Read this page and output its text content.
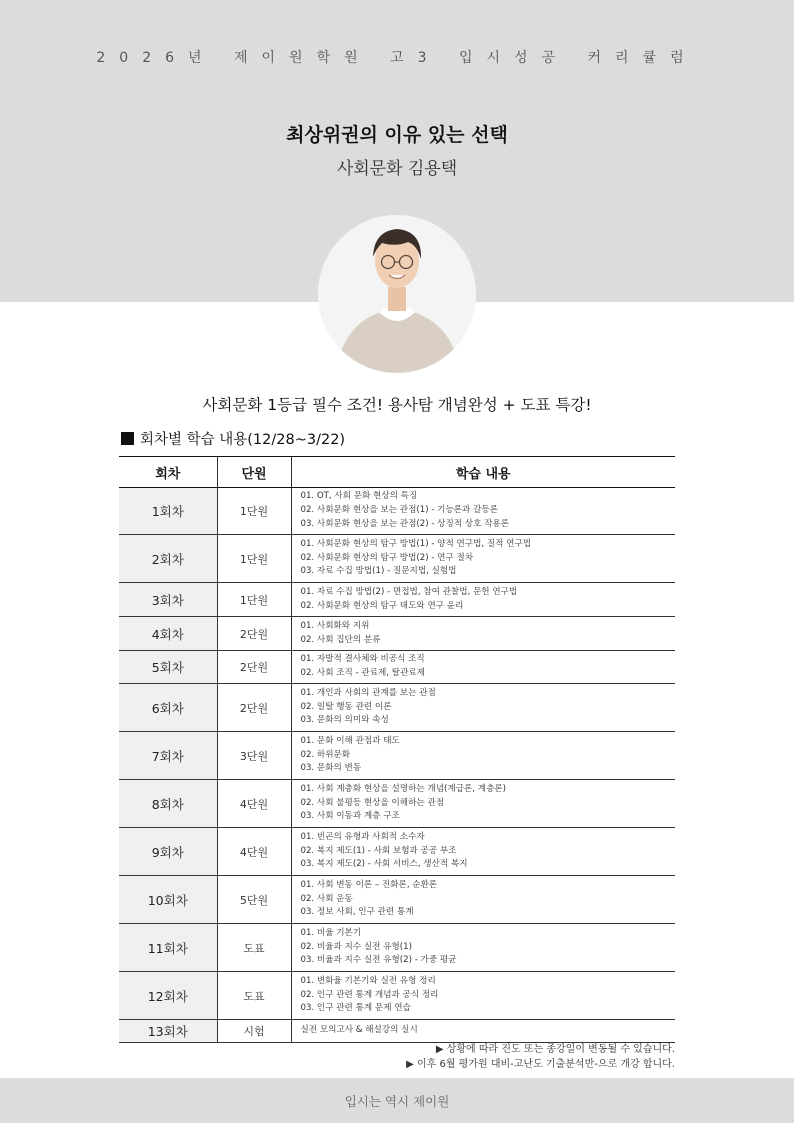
2026년 제이원학원 고3 입시성공 커리큘럼
최상위권의 이유 있는 선택
사회문화 김용택
사회문화 1등급 필수 조건! 용사탐 개념완성 + 도표 특강!
회차별 학습 내용(12/28~3/22)
회차	단원	학습 내용
1회차	1단원	01. OT, 사회 문화 현상의 특징
02. 사회문화 현상을 보는 관점(1) - 기능론과 갈등론
03. 사회문화 현상을 보는 관점(2) - 상징적 상호 작용론

2회차	1단원	01. 사회문화 현상의 탐구 방법(1) - 양적 연구법, 질적 연구법
02. 사회문화 현상의 탐구 방법(2) - 연구 절차
03. 자료 수집 방법(1) - 질문지법, 실험법

3회차	1단원	01. 자료 수집 방법(2) - 면접법, 참여 관찰법, 문헌 연구법
02. 사회문화 현상의 탐구 태도와 연구 윤리

4회차	2단원	01. 사회화와 지위
02. 사회 집단의 분류

5회차	2단원	01. 자발적 결사체와 비공식 조직
02. 사회 조직 - 관료제, 탈관료제

6회차	2단원	01. 개인과 사회의 관계를 보는 관점
02. 일탈 행동 관련 이론
03. 문화의 의미와 속성

7회차	3단원	01. 문화 이해 관점과 태도
02. 하위문화
03. 문화의 변동

8회차	4단원	01. 사회 계층화 현상을 설명하는 개념(계급론, 계층론)
02. 사회 불평등 현상을 이해하는 관점
03. 사회 이동과 계층 구조

9회차	4단원	01. 빈곤의 유형과 사회적 소수자
02. 복지 제도(1) - 사회 보험과 공공 부조
03. 복지 제도(2) - 사회 서비스, 생산적 복지

10회차	5단원	01. 사회 변동 이론 – 진화론, 순환론
02. 사회 운동
03. 정보 사회, 인구 관련 통계

11회차	도표	01. 비율 기본기
02. 비율과 지수 실전 유형(1)
03. 비율과 지수 실전 유형(2) - 가중 평균

12회차	도표	01. 변화율 기본기와 실전 유형 정리
02. 인구 관련 통계 개념과 공식 정리
03. 인구 관련 통계 문제 연습

13회차	시험	실전 모의고사 & 해설강의 실시
▶ 상황에 따라 진도 또는 종강일이 변동될 수 있습니다.
▶ 이후 6월 평가원 대비-고난도 기출분석반-으로 개강 합니다.
입시는 역시 제이원
